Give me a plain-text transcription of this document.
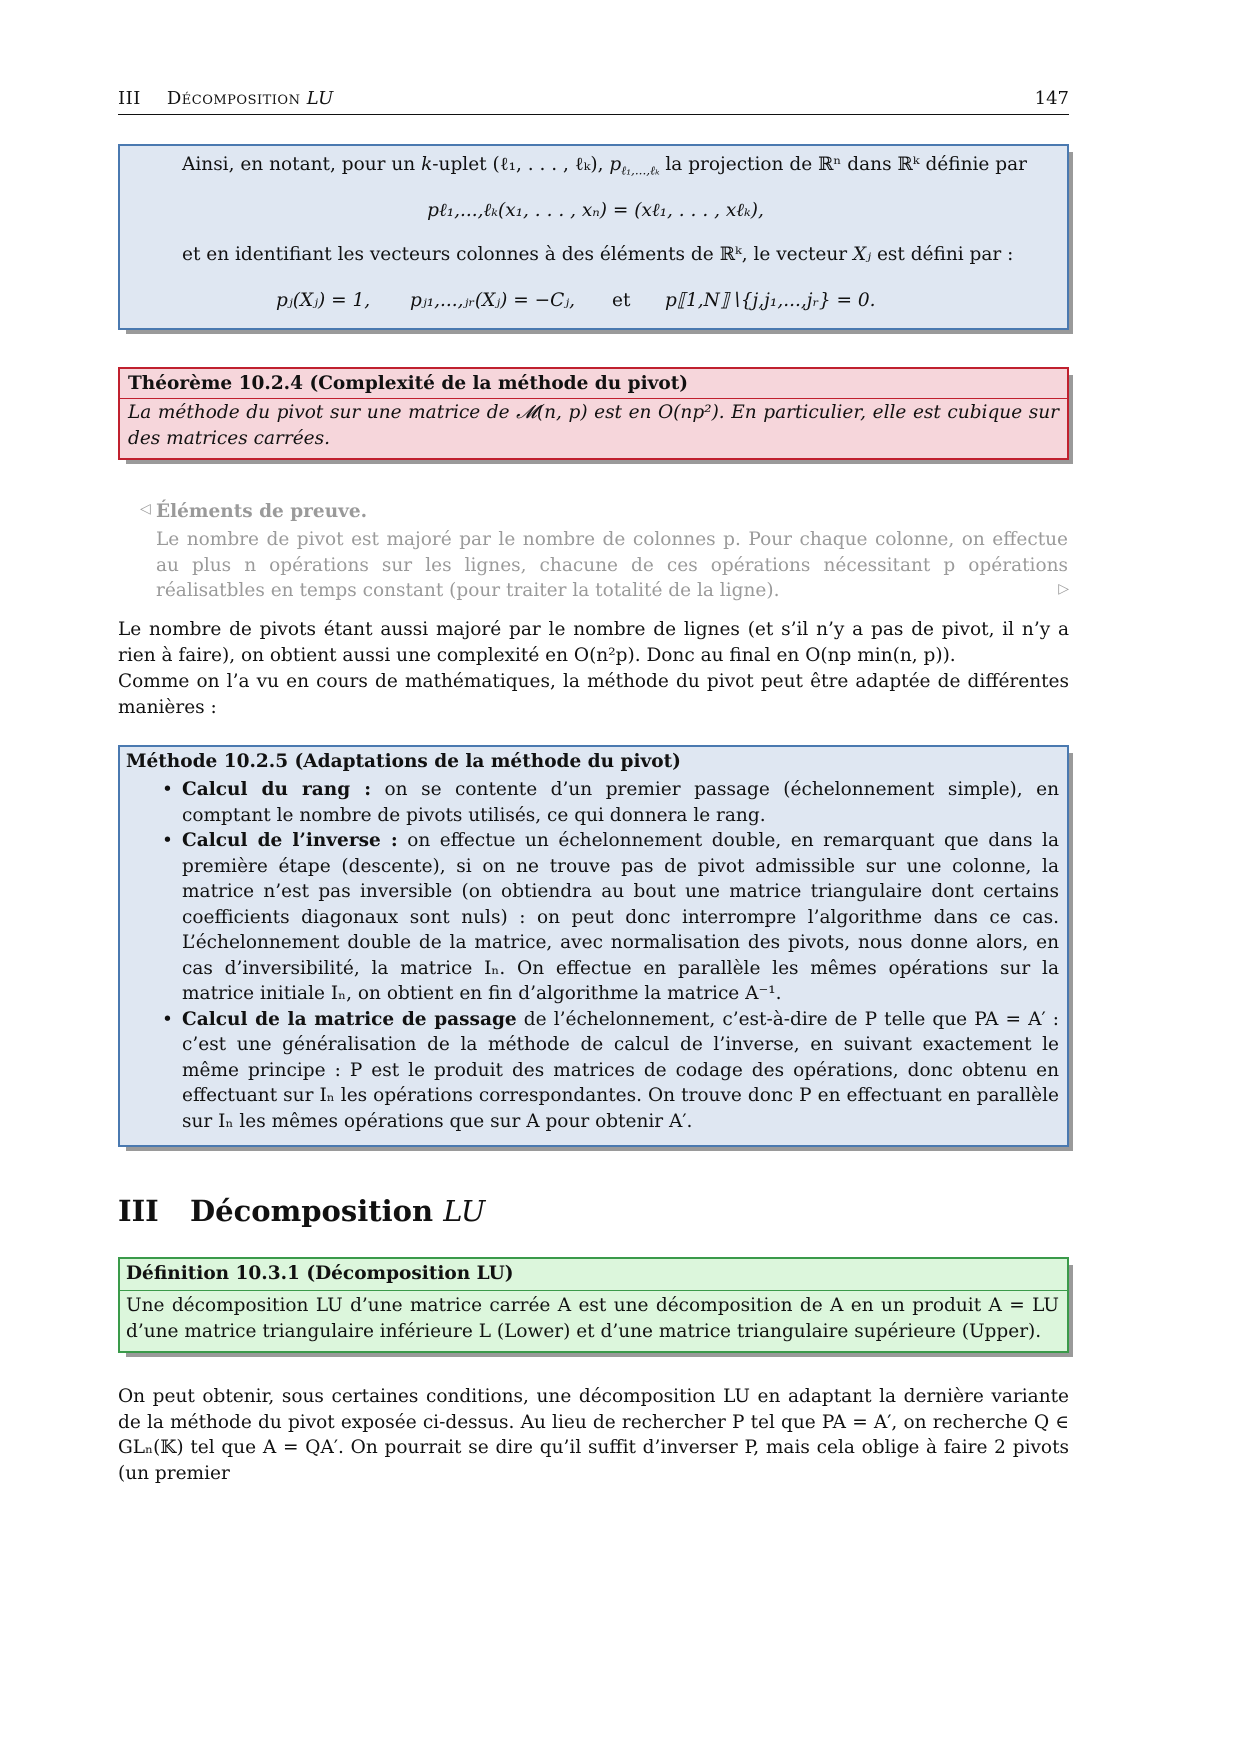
III Décomposition LU	147
Ainsi, en notant, pour un k-uplet (ℓ₁, . . . , ℓₖ), $p_{\ell_1,...,\ell_k}$ la projection de ℝⁿ dans ℝᵏ définie par
pℓ₁,...,ℓₖ(x₁, . . . , xₙ) = (xℓ₁, . . . , xℓₖ),
et en identifiant les vecteurs colonnes à des éléments de ℝᵏ, le vecteur Xⱼ est défini par :
pⱼ(Xⱼ) = 1, pⱼ₁,...,ⱼᵣ(Xⱼ) = −Cⱼ, et p⟦1,N⟧∖{j,j₁,...,jᵣ} = 0.
Théorème 10.2.4 (Complexité de la méthode du pivot)
La méthode du pivot sur une matrice de 𝓜(n, p) est en O(np²). En particulier, elle est cubique sur des matrices carrées.
◁ Éléments de preuve.
Le nombre de pivot est majoré par le nombre de colonnes p. Pour chaque colonne, on effectue au plus n opérations sur les lignes, chacune de ces opérations nécessitant p opérations réalisatbles en temps constant (pour traiter la totalité de la ligne).	▷
Le nombre de pivots étant aussi majoré par le nombre de lignes (et s’il n’y a pas de pivot, il n’y a rien à faire), on obtient aussi une complexité en O(n²p). Donc au final en O(np min(n, p)).
Comme on l’a vu en cours de mathématiques, la méthode du pivot peut être adaptée de différentes manières :
Méthode 10.2.5 (Adaptations de la méthode du pivot)
• Calcul du rang : on se contente d’un premier passage (échelonnement simple), en comptant le nombre de pivots utilisés, ce qui donnera le rang.
• Calcul de l’inverse : on effectue un échelonnement double, en remarquant que dans la première étape (descente), si on ne trouve pas de pivot admissible sur une colonne, la matrice n’est pas inversible (on obtiendra au bout une matrice triangulaire dont certains coefficients diagonaux sont nuls) : on peut donc interrompre l’algorithme dans ce cas. L’échelonnement double de la matrice, avec normalisation des pivots, nous donne alors, en cas d’inversibilité, la matrice Iₙ. On effectue en parallèle les mêmes opérations sur la matrice initiale Iₙ, on obtient en fin d’algorithme la matrice A⁻¹.
• Calcul de la matrice de passage de l’échelonnement, c’est-à-dire de P telle que PA = A′ : c’est une généralisation de la méthode de calcul de l’inverse, en suivant exactement le même principe : P est le produit des matrices de codage des opérations, donc obtenu en effectuant sur Iₙ les opérations correspondantes. On trouve donc P en effectuant en parallèle sur Iₙ les mêmes opérations que sur A pour obtenir A′.
III Décomposition LU
Définition 10.3.1 (Décomposition LU)
Une décomposition LU d’une matrice carrée A est une décomposition de A en un produit A = LU d’une matrice triangulaire inférieure L (Lower) et d’une matrice triangulaire supérieure (Upper).
On peut obtenir, sous certaines conditions, une décomposition LU en adaptant la dernière variante de la méthode du pivot exposée ci-dessus. Au lieu de rechercher P tel que PA = A′, on recherche Q ∈ GLₙ(𝕂) tel que A = QA′. On pourrait se dire qu’il suffit d’inverser P, mais cela oblige à faire 2 pivots (un premier
